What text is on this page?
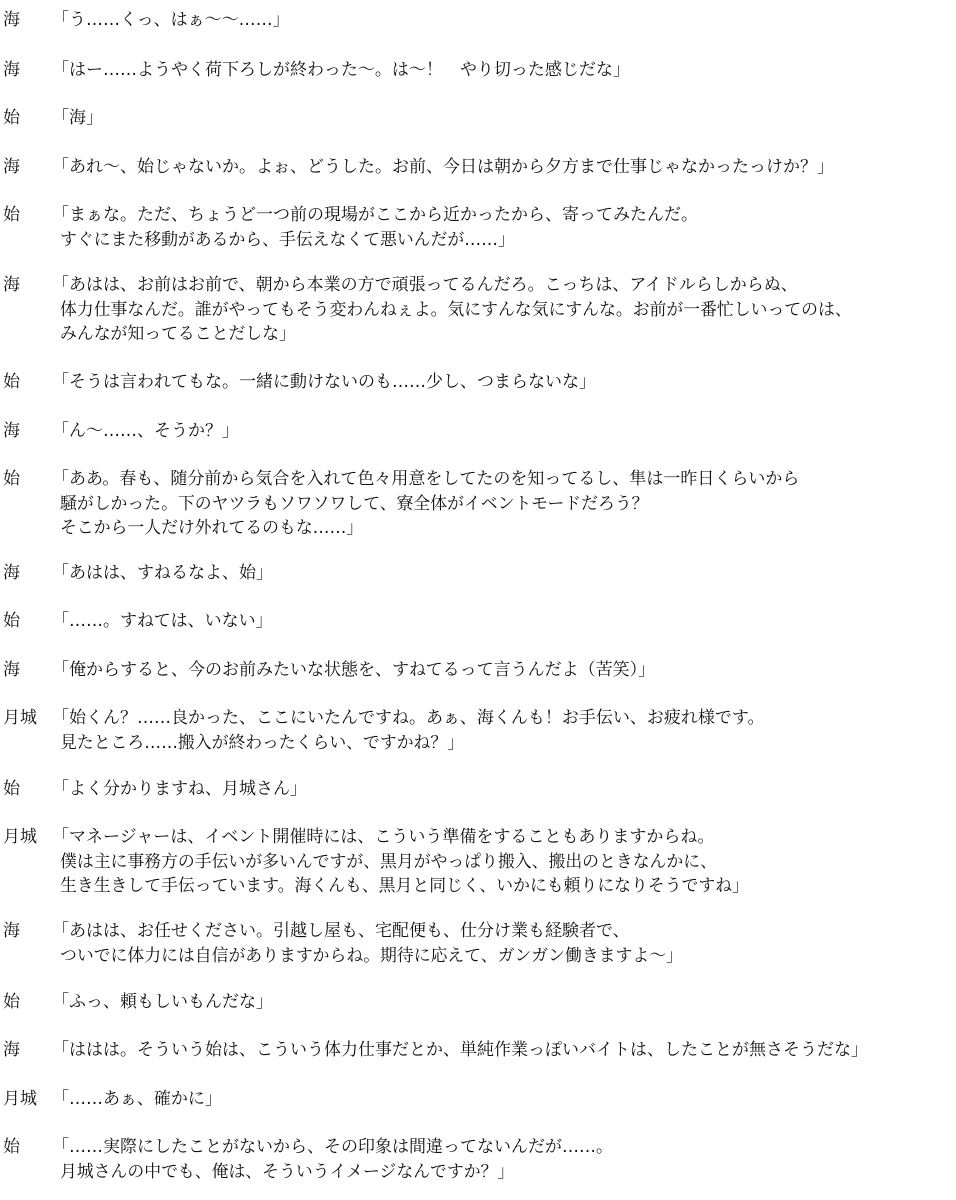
海 「う……くっ、はぁ〜〜……」
海 「はー……ようやく荷下ろしが終わった〜。は〜！　やり切った感じだな」
始 「海」
海 「あれ〜、始じゃないか。よぉ、どうした。お前、今日は朝から夕方まで仕事じゃなかったっけか？」
始 「まぁな。ただ、ちょうど一つ前の現場がここから近かったから、寄ってみたんだ。
すぐにまた移動があるから、手伝えなくて悪いんだが……」
海 「あはは、お前はお前で、朝から本業の方で頑張ってるんだろ。こっちは、アイドルらしからぬ、
体力仕事なんだ。誰がやってもそう変わんねぇよ。気にすんな気にすんな。お前が一番忙しいってのは、
みんなが知ってることだしな」
始 「そうは言われてもな。一緒に動けないのも……少し、つまらないな」
海 「ん〜……、そうか？」
始 「ああ。春も、随分前から気合を入れて色々用意をしてたのを知ってるし、隼は一昨日くらいから
騒がしかった。下のヤツラもソワソワして、寮全体がイベントモードだろう？
そこから一人だけ外れてるのもな……」
海 「あはは、すねるなよ、始」
始 「……。すねては、いない」
海 「俺からすると、今のお前みたいな状態を、すねてるって言うんだよ（苦笑）」
月城 「始くん？……良かった、ここにいたんですね。あぁ、海くんも！お手伝い、お疲れ様です。
見たところ……搬入が終わったくらい、ですかね？」
始 「よく分かりますね、月城さん」
月城 「マネージャーは、イベント開催時には、こういう準備をすることもありますからね。
僕は主に事務方の手伝いが多いんですが、黒月がやっぱり搬入、搬出のときなんかに、
生き生きして手伝っています。海くんも、黒月と同じく、いかにも頼りになりそうですね」
海 「あはは、お任せください。引越し屋も、宅配便も、仕分け業も経験者で、
ついでに体力には自信がありますからね。期待に応えて、ガンガン働きますよ〜」
始 「ふっ、頼もしいもんだな」
海 「ははは。そういう始は、こういう体力仕事だとか、単純作業っぽいバイトは、したことが無さそうだな」
月城 「……あぁ、確かに」
始 「……実際にしたことがないから、その印象は間違ってないんだが……。
月城さんの中でも、俺は、そういうイメージなんですか？」
